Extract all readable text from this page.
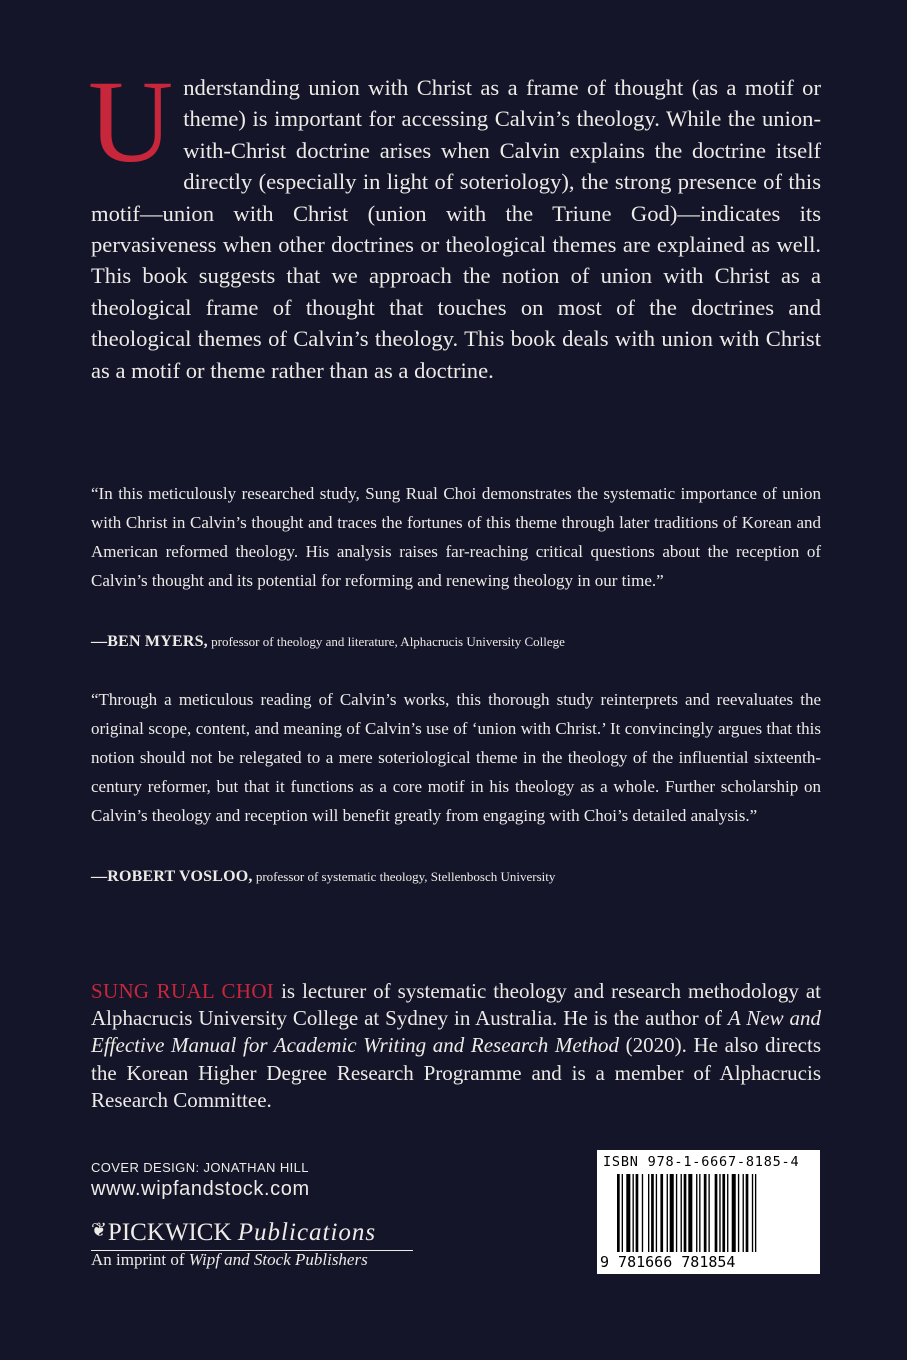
Understanding union with Christ as a frame of thought (as a motif or theme) is important for accessing Calvin’s theology. While the union-with-Christ doctrine arises when Calvin explains the doctrine itself directly (especially in light of soteriology), the strong presence of this motif—union with Christ (union with the Triune God)—indicates its pervasiveness when other doctrines or theological themes are explained as well. This book suggests that we approach the notion of union with Christ as a theological frame of thought that touches on most of the doctrines and theological themes of Calvin’s theology. This book deals with union with Christ as a motif or theme rather than as a doctrine.

“In this meticulously researched study, Sung Rual Choi demonstrates the systematic importance of union with Christ in Calvin’s thought and traces the fortunes of this theme through later traditions of Korean and American reformed theology. His analysis raises far-reaching critical questions about the reception of Calvin’s thought and its potential for reforming and renewing theology in our time.”

—BEN MYERS, professor of theology and literature, Alphacrucis University College

“Through a meticulous reading of Calvin’s works, this thorough study reinterprets and reevaluates the original scope, content, and meaning of Calvin’s use of ‘union with Christ.’ It convincingly argues that this notion should not be relegated to a mere soteriological theme in the theology of the influential sixteenth-century reformer, but that it functions as a core motif in his theology as a whole. Further scholarship on Calvin’s theology and reception will benefit greatly from engaging with Choi’s detailed analysis.”

—ROBERT VOSLOO, professor of systematic theology, Stellenbosch University

SUNG RUAL CHOI is lecturer of systematic theology and research methodology at Alphacrucis University College at Sydney in Australia. He is the author of A New and Effective Manual for Academic Writing and Research Method (2020). He also directs the Korean Higher Degree Research Programme and is a member of Alphacrucis Research Committee.

COVER DESIGN: JONATHAN HILL
www.wipfandstock.com
❦PICKWICK Publications
An imprint of Wipf and Stock Publishers
ISBN 978-1-6667-8185-4
9 781666 781854
